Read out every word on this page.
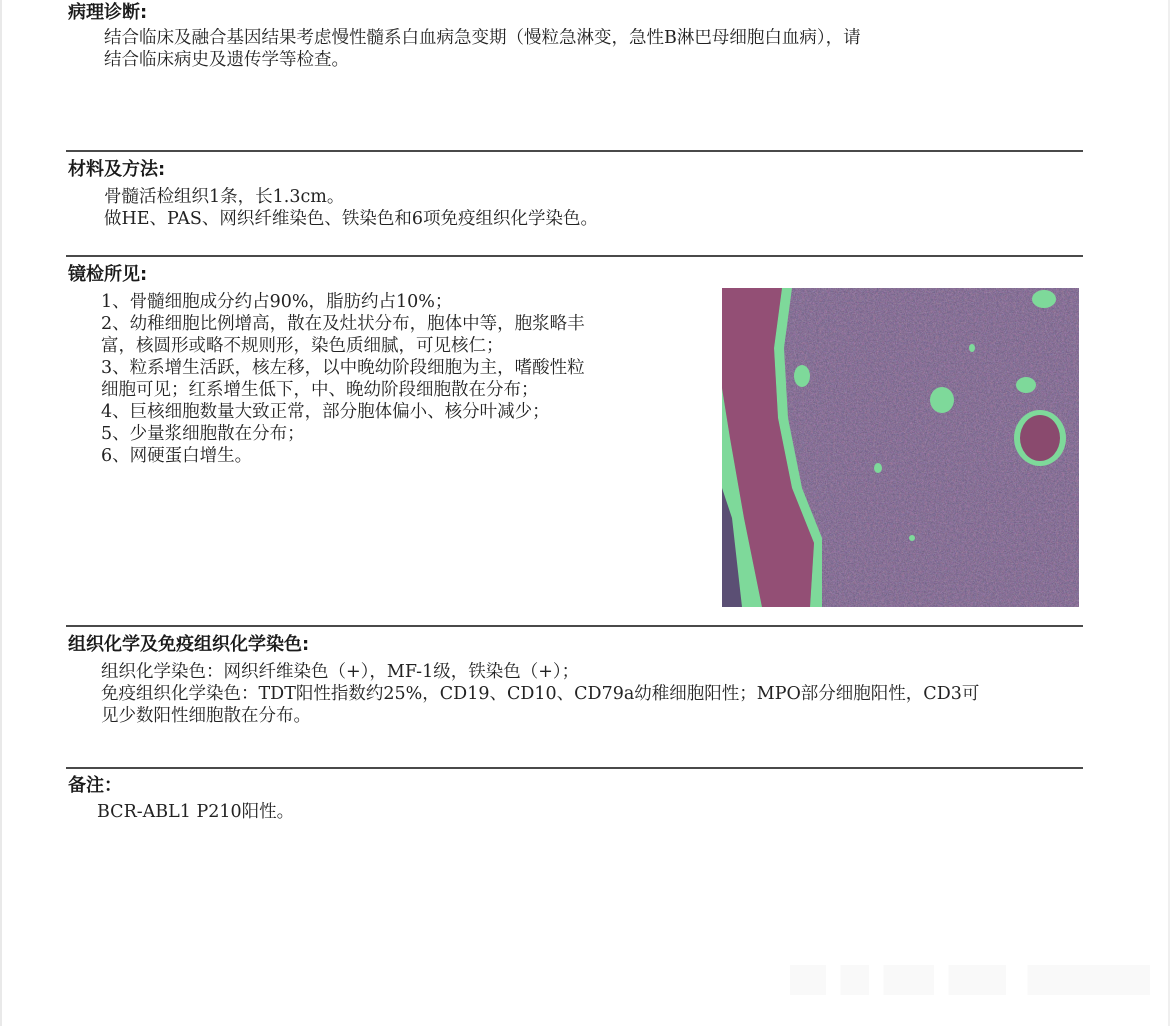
病理诊断:
结合临床及融合基因结果考虑慢性髓系白血病急变期（慢粒急淋变，急性B淋巴母细胞白血病），请
结合临床病史及遗传学等检查。
材料及方法:
骨髓活检组织1条，长1.3cm。
做HE、PAS、网织纤维染色、铁染色和6项免疫组织化学染色。
镜检所见:
1、骨髓细胞成分约占90%，脂肪约占10%；
2、幼稚细胞比例增高，散在及灶状分布，胞体中等，胞浆略丰
富，核圆形或略不规则形，染色质细腻，可见核仁；
3、粒系增生活跃，核左移，以中晚幼阶段细胞为主，嗜酸性粒
细胞可见；红系增生低下，中、晚幼阶段细胞散在分布；
4、巨核细胞数量大致正常，部分胞体偏小、核分叶减少；
5、少量浆细胞散在分布；
6、网硬蛋白增生。
组织化学及免疫组织化学染色:
组织化学染色：网织纤维染色（+），MF-1级，铁染色（+）；
免疫组织化学染色：TDT阳性指数约25%，CD19、CD10、CD79a幼稚细胞阳性；MPO部分细胞阳性，CD3可
见少数阳性细胞散在分布。
备注：
BCR-ABL1 P210阳性。
